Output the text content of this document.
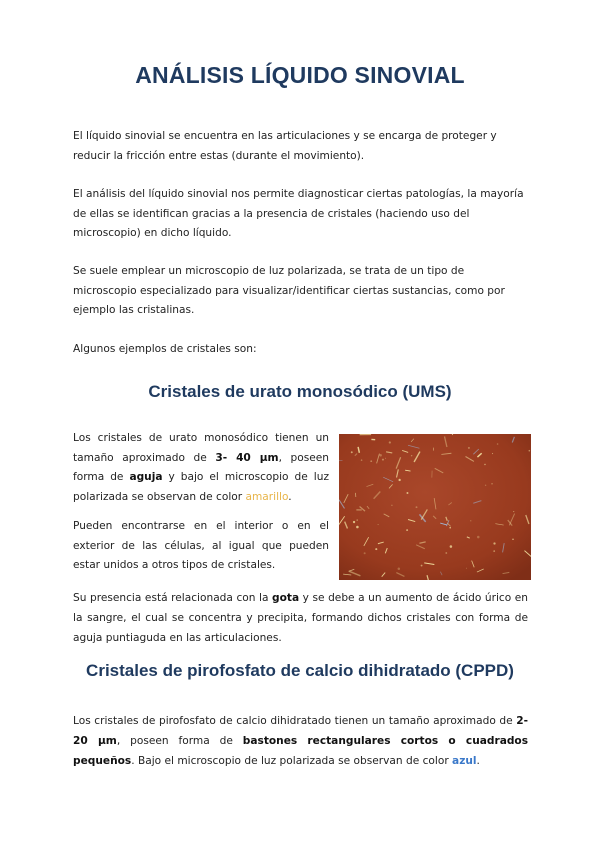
ANÁLISIS LÍQUIDO SINOVIAL

El líquido sinovial se encuentra en las articulaciones y se encarga de proteger y reducir la fricción entre estas (durante el movimiento).

El análisis del líquido sinovial nos permite diagnosticar ciertas patologías, la mayoría de ellas se identifican gracias a la presencia de cristales (haciendo uso del microscopio) en dicho líquido.

Se suele emplear un microscopio de luz polarizada, se trata de un tipo de microscopio especializado para visualizar/identificar ciertas sustancias, como por ejemplo las cristalinas.

Algunos ejemplos de cristales son:

Cristales de urato monosódico (UMS)

Los cristales de urato monosódico tienen un tamaño aproximado de 3- 40 µm, poseen forma de aguja y bajo el microscopio de luz polarizada se observan de color amarillo.

Pueden encontrarse en el interior o en el exterior de las células, al igual que pueden estar unidos a otros tipos de cristales.

Su presencia está relacionada con la gota y se debe a un aumento de ácido úrico en la sangre, el cual se concentra y precipita, formando dichos cristales con forma de aguja puntiaguda en las articulaciones.

Cristales de pirofosfato de calcio dihidratado (CPPD)

Los cristales de pirofosfato de calcio dihidratado tienen un tamaño aproximado de 2-20 µm, poseen forma de bastones rectangulares cortos o cuadrados pequeños. Bajo el microscopio de luz polarizada se observan de color azul.
